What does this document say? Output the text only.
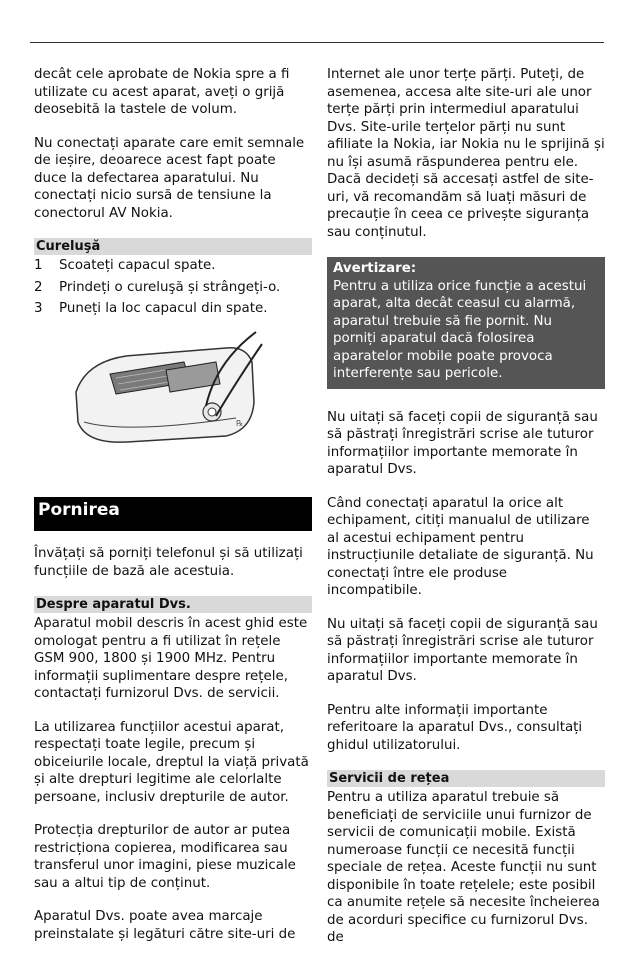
decât cele aprobate de Nokia spre a fi utilizate cu acest aparat, aveți o grijă deosebită la tastele de volum.

Nu conectați aparate care emit semnale de ieșire, deoarece acest fapt poate duce la defectarea aparatului. Nu conectați nicio sursă de tensiune la conectorul AV Nokia.

Cureluşă
1	Scoateți capacul spate.
2	Prindeți o cureluşă și strângeți-o.
3	Puneți la loc capacul din spate.
℞
Pornirea

Învățați să porniți telefonul și să utilizați funcțiile de bază ale acestuia.

Despre aparatul Dvs.

Aparatul mobil descris în acest ghid este omologat pentru a fi utilizat în rețele GSM 900, 1800 și 1900 MHz. Pentru informații suplimentare despre rețele, contactați furnizorul Dvs. de servicii.

La utilizarea funcțiilor acestui aparat, respectați toate legile, precum și obiceiurile locale, dreptul la viață privată și alte drepturi legitime ale celorlalte persoane, inclusiv drepturile de autor.

Protecția drepturilor de autor ar putea restricționa copierea, modificarea sau transferul unor imagini, piese muzicale sau a altui tip de conținut.

Aparatul Dvs. poate avea marcaje preinstalate și legături către site-uri de

Internet ale unor terțe părți. Puteți, de asemenea, accesa alte site-uri ale unor terțe părți prin intermediul aparatului Dvs. Site-urile terțelor părți nu sunt afiliate la Nokia, iar Nokia nu le sprijină și nu își asumă răspunderea pentru ele. Dacă decideți să accesați astfel de site-uri, vă recomandăm să luați măsuri de precauție în ceea ce privește siguranța sau conținutul.

Avertizare:
Pentru a utiliza orice funcție a acestui aparat, alta decât ceasul cu alarmă, aparatul trebuie să fie pornit. Nu porniți aparatul dacă folosirea aparatelor mobile poate provoca interferențe sau pericole.

Nu uitați să faceți copii de siguranță sau să păstrați înregistrări scrise ale tuturor informațiilor importante memorate în aparatul Dvs.

Când conectați aparatul la orice alt echipament, citiți manualul de utilizare al acestui echipament pentru instrucțiunile detaliate de siguranță. Nu conectați între ele produse incompatibile.

Nu uitați să faceți copii de siguranță sau să păstrați înregistrări scrise ale tuturor informațiilor importante memorate în aparatul Dvs.

Pentru alte informații importante referitoare la aparatul Dvs., consultați ghidul utilizatorului.

Servicii de rețea

Pentru a utiliza aparatul trebuie să beneficiați de serviciile unui furnizor de servicii de comunicații mobile. Există numeroase funcții ce necesită funcții speciale de rețea. Aceste funcții nu sunt disponibile în toate rețelele; este posibil ca anumite rețele să necesite încheierea de acorduri specifice cu furnizorul Dvs. de
